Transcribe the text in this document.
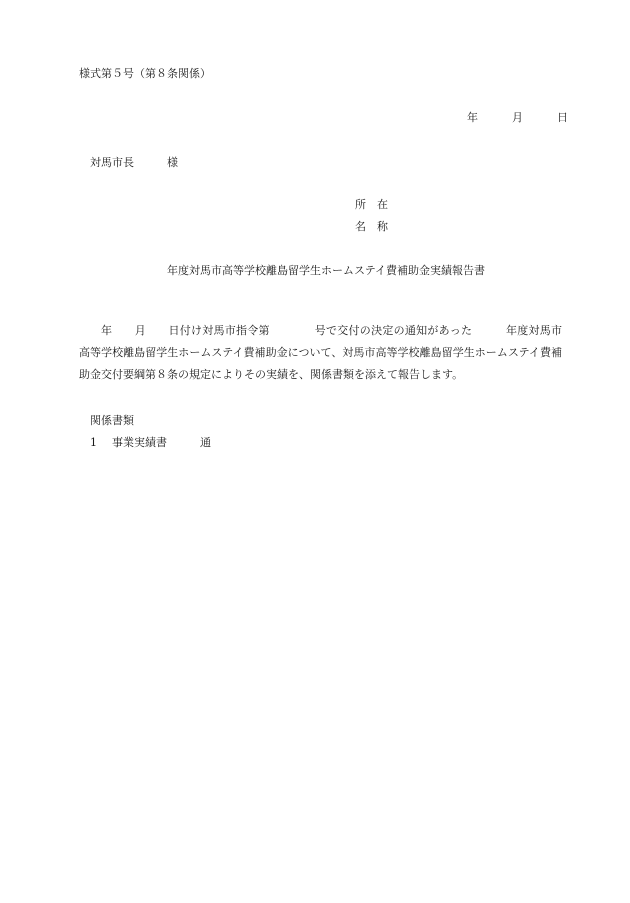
様式第５号（第８条関係）
年	月	日
対馬市長	様
所　在
名　称
年度対馬市高等学校離島留学生ホームステイ費補助金実績報告書
年　　月　　日付け対馬市指令第　　　　号で交付の決定の通知があった　　　年度対馬市高等学校離島留学生ホームステイ費補助金について、対馬市高等学校離島留学生ホームステイ費補助金交付要綱第８条の規定によりその実績を、関係書類を添えて報告します。
関係書類
1 事業実績書	通
